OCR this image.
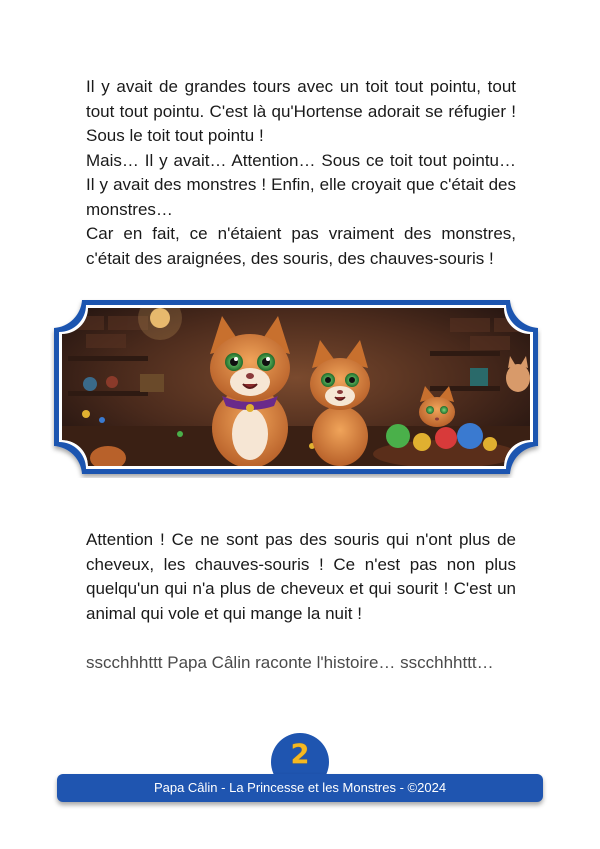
Il y avait de grandes tours avec un toit tout pointu, tout tout tout pointu. C'est là qu'Hortense adorait se réfugier ! Sous le toit tout pointu !

Mais… Il y avait… Attention… Sous ce toit tout pointu… Il y avait des monstres ! Enfin, elle croyait que c'était des monstres…

Car en fait, ce n'étaient pas vraiment des monstres, c'était des araignées, des souris, des chauves-souris !

Attention ! Ce ne sont pas des souris qui n'ont plus de cheveux, les chauves-souris ! Ce n'est pas non plus quelqu'un qui n'a plus de cheveux et qui sourit ! C'est un animal qui vole et qui mange la nuit !

sscchhhttt Papa Câlin raconte l'histoire… sscchhhttt…
2
Papa Câlin - La Princesse et les Monstres - ©2024
